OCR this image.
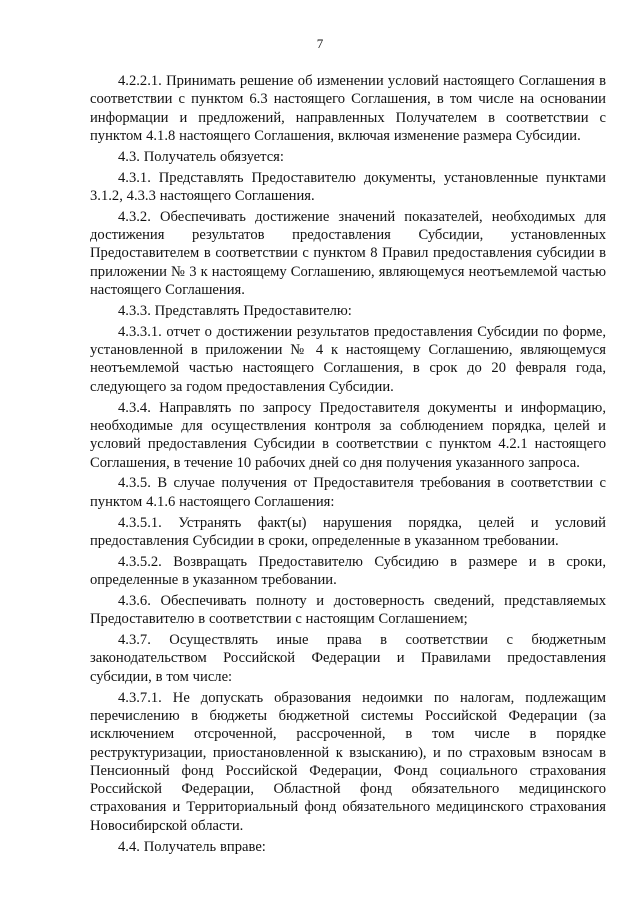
7

4.2.2.1. Принимать решение об изменении условий настоящего Соглашения в соответствии с пунктом 6.3 настоящего Соглашения, в том числе на основании информации и предложений, направленных Получателем в соответствии с пунктом 4.1.8 настоящего Соглашения, включая изменение размера Субсидии.

4.3. Получатель обязуется:

4.3.1. Представлять Предоставителю документы, установленные пунктами 3.1.2, 4.3.3 настоящего Соглашения.

4.3.2. Обеспечивать достижение значений показателей, необходимых для достижения результатов предоставления Субсидии, установленных Предоставителем в соответствии с пунктом 8 Правил предоставления субсидии в приложении № 3 к настоящему Соглашению, являющемуся неотъемлемой частью настоящего Соглашения.

4.3.3. Представлять Предоставителю:

4.3.3.1. отчет о достижении результатов предоставления Субсидии по форме, установленной в приложении № 4 к настоящему Соглашению, являющемуся неотъемлемой частью настоящего Соглашения, в срок до 20 февраля года, следующего за годом предоставления Субсидии.

4.3.4. Направлять по запросу Предоставителя документы и информацию, необходимые для осуществления контроля за соблюдением порядка, целей и условий предоставления Субсидии в соответствии с пунктом 4.2.1 настоящего Соглашения, в течение 10 рабочих дней со дня получения указанного запроса.

4.3.5. В случае получения от Предоставителя требования в соответствии с пунктом 4.1.6 настоящего Соглашения:

4.3.5.1. Устранять факт(ы) нарушения порядка, целей и условий предоставления Субсидии в сроки, определенные в указанном требовании.

4.3.5.2. Возвращать Предоставителю Субсидию в размере и в сроки, определенные в указанном требовании.

4.3.6. Обеспечивать полноту и достоверность сведений, представляемых Предоставителю в соответствии с настоящим Соглашением;

4.3.7. Осуществлять иные права в соответствии с бюджетным законодательством Российской Федерации и Правилами предоставления субсидии, в том числе:

4.3.7.1. Не допускать образования недоимки по налогам, подлежащим перечислению в бюджеты бюджетной системы Российской Федерации (за исключением отсроченной, рассроченной, в том числе в порядке реструктуризации, приостановленной к взысканию), и по страховым взносам в Пенсионный фонд Российской Федерации, Фонд социального страхования Российской Федерации, Областной фонд обязательного медицинского страхования и Территориальный фонд обязательного медицинского страхования Новосибирской области.

4.4. Получатель вправе:
